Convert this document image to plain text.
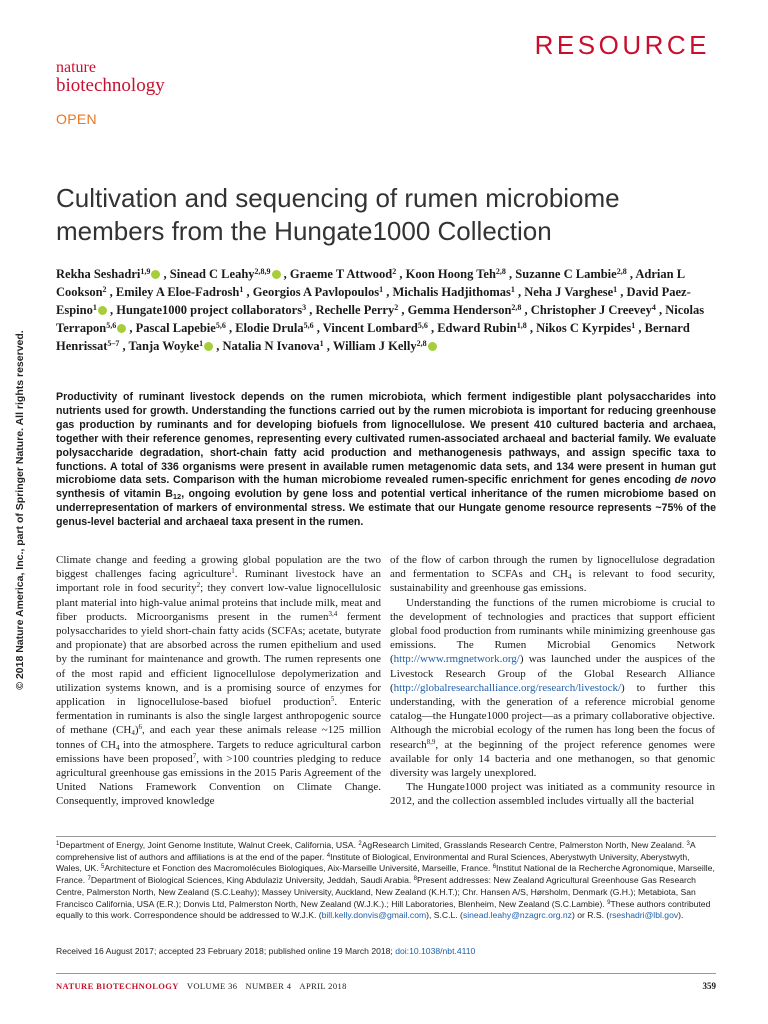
© 2018 Nature America, Inc., part of Springer Nature. All rights reserved.
RESOURCE
nature
biotechnology
OPEN
Cultivation and sequencing of rumen microbiome members from the Hungate1000 Collection
Rekha Seshadri$^{1,9}$ , Sinead C Leahy$^{2,8,9}$ , Graeme T Attwood$^2$ , Koon Hoong Teh$^{2,8}$ , Suzanne C Lambie$^{2,8}$ , Adrian L Cookson$^2$ , Emiley A Eloe-Fadrosh$^1$ , Georgios A Pavlopoulos$^1$ , Michalis Hadjithomas$^1$ , Neha J Varghese$^1$ , David Paez-Espino$^1$ , Hungate1000 project collaborators$^3$ , Rechelle Perry$^2$ , Gemma Henderson$^{2,8}$ , Christopher J Creevey$^4$ , Nicolas Terrapon$^{5,6}$ , Pascal Lapebie$^{5,6}$ , Elodie Drula$^{5,6}$ , Vincent Lombard$^{5,6}$ , Edward Rubin$^{1,8}$ , Nikos C Kyrpides$^1$ , Bernard Henrissat$^{5-7}$ , Tanja Woyke$^1$ , Natalia N Ivanova$^1$ , William J Kelly$^{2,8}$
Productivity of ruminant livestock depends on the rumen microbiota, which ferment indigestible plant polysaccharides into nutrients used for growth. Understanding the functions carried out by the rumen microbiota is important for reducing greenhouse gas production by ruminants and for developing biofuels from lignocellulose. We present 410 cultured bacteria and archaea, together with their reference genomes, representing every cultivated rumen-associated archaeal and bacterial family. We evaluate polysaccharide degradation, short-chain fatty acid production and methanogenesis pathways, and assign specific taxa to functions. A total of 336 organisms were present in available rumen metagenomic data sets, and 134 were present in human gut microbiome data sets. Comparison with the human microbiome revealed rumen-specific enrichment for genes encoding de novo synthesis of vitamin $B_{12}$, ongoing evolution by gene loss and potential vertical inheritance of the rumen microbiome based on underrepresentation of markers of environmental stress. We estimate that our Hungate genome resource represents ~75% of the genus-level bacterial and archaeal taxa present in the rumen.

Climate change and feeding a growing global population are the two biggest challenges facing agriculture$^1$. Ruminant livestock have an important role in food security$^2$; they convert low-value lignocellulosic plant material into high-value animal proteins that include milk, meat and fiber products. Microorganisms present in the rumen$^{3,4}$ ferment polysaccharides to yield short-chain fatty acids (SCFAs; acetate, butyrate and propionate) that are absorbed across the rumen epithelium and used by the ruminant for maintenance and growth. The rumen represents one of the most rapid and efficient lignocellulose depolymerization and utilization systems known, and is a promising source of enzymes for application in lignocellulose-based biofuel production$^5$. Enteric fermentation in ruminants is also the single largest anthropogenic source of methane $(CH_4)^6$, and each year these animals release ~125 million tonnes of $CH_4$ into the atmosphere. Targets to reduce agricultural carbon emissions have been proposed$^7$, with >100 countries pledging to reduce agricultural greenhouse gas emissions in the 2015 Paris Agreement of the United Nations Framework Convention on Climate Change. Consequently, improved knowledge

of the flow of carbon through the rumen by lignocellulose degradation and fermentation to SCFAs and $CH_4$ is relevant to food security, sustainability and greenhouse gas emissions.

Understanding the functions of the rumen microbiome is crucial to the development of technologies and practices that support efficient global food production from ruminants while minimizing greenhouse gas emissions. The Rumen Microbial Genomics Network (http://www.rmgnetwork.org/) was launched under the auspices of the Livestock Research Group of the Global Research Alliance (http://globalresearchalliance.org/research/livestock/) to further this understanding, with the generation of a reference microbial genome catalog—the Hungate1000 project—as a primary collaborative objective. Although the microbial ecology of the rumen has long been the focus of research$^{8,9}$, at the beginning of the project reference genomes were available for only 14 bacteria and one methanogen, so that genomic diversity was largely unexplored.

The Hungate1000 project was initiated as a community resource in 2012, and the collection assembled includes virtually all the bacterial

$^1$Department of Energy, Joint Genome Institute, Walnut Creek, California, USA. $^2$AgResearch Limited, Grasslands Research Centre, Palmerston North, New Zealand. $^3$A comprehensive list of authors and affiliations is at the end of the paper. $^4$Institute of Biological, Environmental and Rural Sciences, Aberystwyth University, Aberystwyth, Wales, UK. $^5$Architecture et Fonction des Macromolécules Biologiques, Aix-Marseille Université, Marseille, France. $^6$Institut National de la Recherche Agronomique, Marseille, France. $^7$Department of Biological Sciences, King Abdulaziz University, Jeddah, Saudi Arabia. $^8$Present addresses: New Zealand Agricultural Greenhouse Gas Research Centre, Palmerston North, New Zealand (S.C.Leahy); Massey University, Auckland, New Zealand (K.H.T.); Chr. Hansen A/S, Hørsholm, Denmark (G.H.); Metabiota, San Francisco California, USA (E.R.); Donvis Ltd, Palmerston North, New Zealand (W.J.K.).; Hill Laboratories, Blenheim, New Zealand (S.C.Lambie). $^9$These authors contributed equally to this work. Correspondence should be addressed to W.J.K. (bill.kelly.donvis@gmail.com), S.C.L. (sinead.leahy@nzagrc.org.nz) or R.S. (rseshadri@lbl.gov).
Received 16 August 2017; accepted 23 February 2018; published online 19 March 2018; doi:10.1038/nbt.4110
NATURE BIOTECHNOLOGY VOLUME 36 NUMBER 4 APRIL 2018	359
